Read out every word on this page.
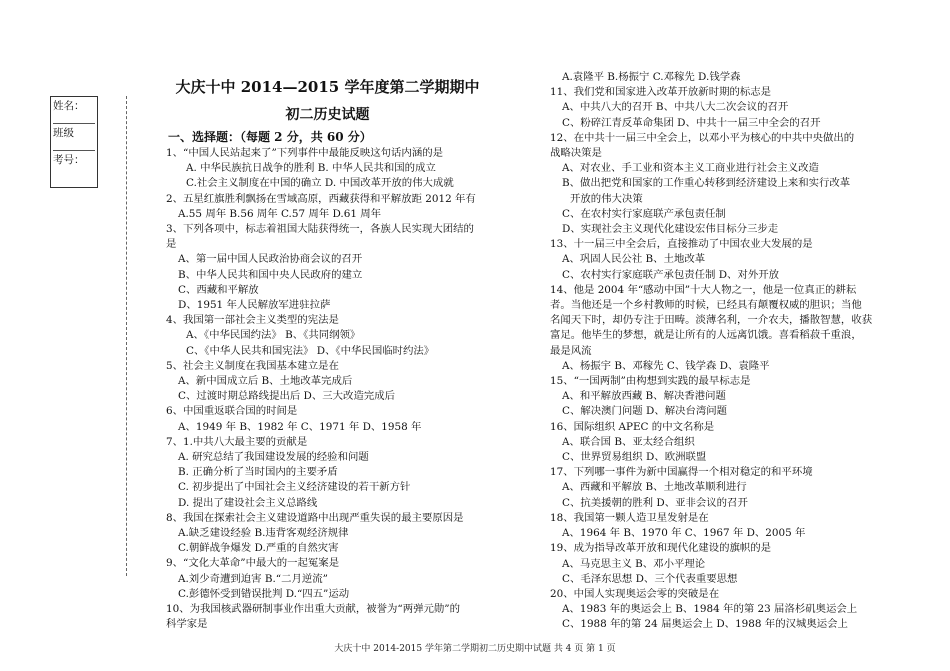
姓名：
班级
考号：
大庆十中 2014—2015 学年度第二学期期中
初二历史试题
一、选择题：（每题 2 分，共 60 分）

1、“中国人民站起来了”下列事件中最能反映这句话内涵的是

A. 中华民族抗日战争的胜利 B. 中华人民共和国的成立

C.社会主义制度在中国的确立 D. 中国改革开放的伟大成就

2、五星红旗胜利飘扬在雪域高原，西藏获得和平解放距 2012 年有

A.55 周年 B.56 周年 C.57 周年 D.61 周年

3、下列各项中，标志着祖国大陆获得统一，各族人民实现大团结的

是

A、第一届中国人民政治协商会议的召开

B、中华人民共和国中央人民政府的建立

C、西藏和平解放

D、1951 年人民解放军进驻拉萨

4、我国第一部社会主义类型的宪法是

A、《中华民国约法》 B、《共同纲领》

C、《中华人民共和国宪法》 D、《中华民国临时约法》

5、社会主义制度在我国基本建立是在

A、新中国成立后 B、土地改革完成后

C、过渡时期总路线提出后 D、三大改造完成后

6、中国重返联合国的时间是

A、1949 年 B、1982 年 C、1971 年 D、1958 年

7、1.中共八大最主要的贡献是

A. 研究总结了我国建设发展的经验和问题

B. 正确分析了当时国内的主要矛盾

C. 初步提出了中国社会主义经济建设的若干新方针

D. 提出了建设社会主义总路线

8、我国在探索社会主义建设道路中出现严重失误的最主要原因是

A.缺乏建设经验 B.违背客观经济规律

C.朝鲜战争爆发 D.严重的自然灾害

9、“文化大革命”中最大的一起冤案是

A.刘少奇遭到迫害 B.“二月逆流”

C.彭德怀受到错误批判 D.“四五”运动

10、为我国核武器研制事业作出重大贡献，被誉为“两弹元勋”的

科学家是

A.袁隆平 B.杨振宁 C.邓稼先 D.钱学森

11、我们党和国家进入改革开放新时期的标志是

A、中共八大的召开 B、中共八大二次会议的召开

C、粉碎江青反革命集团 D、中共十一届三中全会的召开

12、在中共十一届三中全会上，以邓小平为核心的中共中央做出的

战略决策是

A、对农业、手工业和资本主义工商业进行社会主义改造

B、做出把党和国家的工作重心转移到经济建设上来和实行改革

开放的伟大决策

C、在农村实行家庭联产承包责任制

D、实现社会主义现代化建设宏伟目标分三步走

13、十一届三中全会后，直接推动了中国农业大发展的是

A、巩固人民公社 B、土地改革

C、农村实行家庭联产承包责任制 D、对外开放

14、他是 2004 年“感动中国”十大人物之一，他是一位真正的耕耘

者。当他还是一个乡村教师的时候，已经具有颠覆权威的胆识；当他

名闻天下时，却仍专注于田畴。淡薄名利，一介农夫，播散智慧，收获

富足。他毕生的梦想，就是让所有的人远离饥饿。喜看稻菽千重浪，

最是风流

A、杨振宇 B、邓稼先 C、钱学森 D、袁隆平

15、“一国两制”由构想到实践的最早标志是

A、和平解放西藏 B、解决香港问题

C、解决澳门问题 D、解决台湾问题

16、国际组织 APEC 的中文名称是

A、联合国 B、亚太经合组织

C、世界贸易组织 D、欧洲联盟

17、下列哪一事件为新中国赢得一个相对稳定的和平环境

A、西藏和平解放 B、土地改革顺利进行

C、抗美援朝的胜利 D、亚非会议的召开

18、我国第一颗人造卫星发射是在

A、1964 年 B、1970 年 C、1967 年 D、2005 年

19、成为指导改革开放和现代化建设的旗帜的是

A、马克思主义 B、邓小平理论

C、毛泽东思想 D、三个代表重要思想

20、中国人实现奥运会零的突破是在

A、1983 年的奥运会上 B、1984 年的第 23 届洛杉矶奥运会上

C、1988 年的第 24 届奥运会上 D、1988 年的汉城奥运会上

大庆十中 2014-2015 学年第二学期初二历史期中试题 共 4 页 第 1 页
